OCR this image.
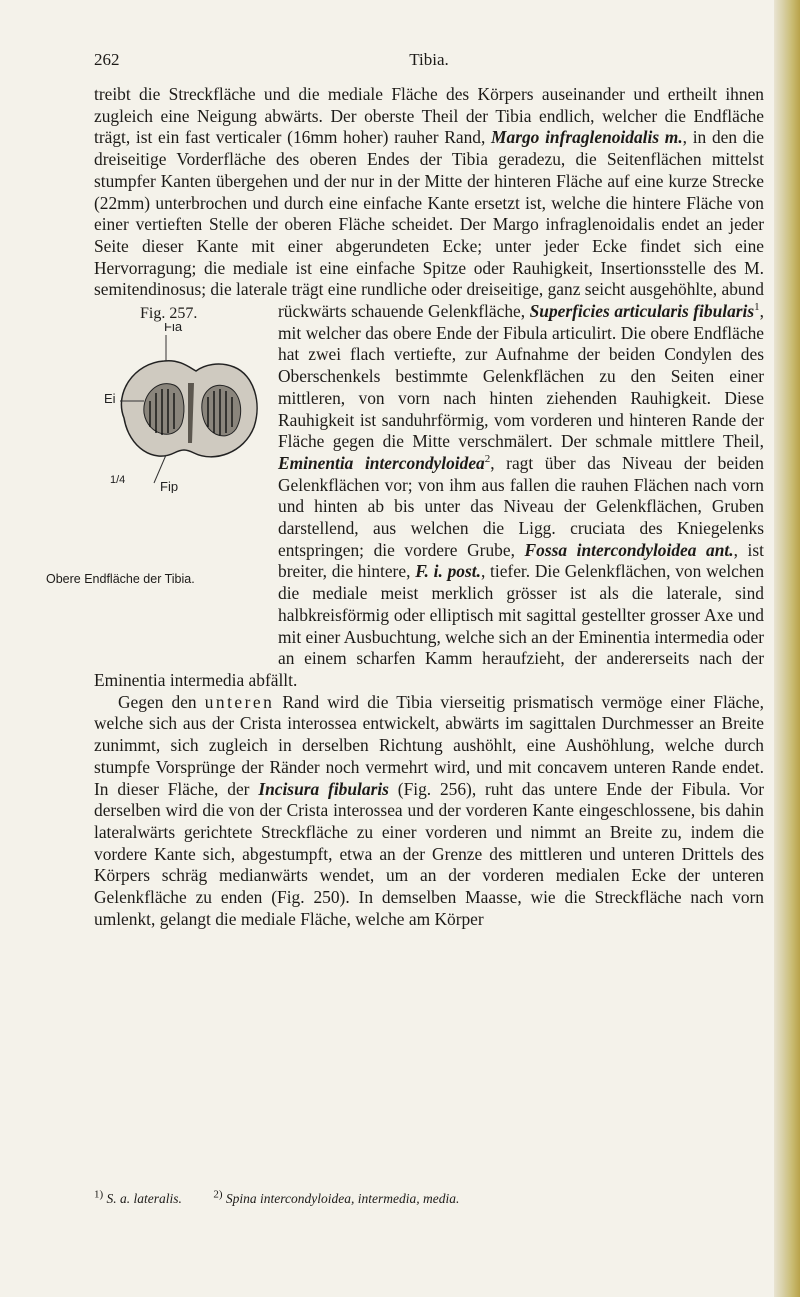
262	Tibia.

treibt die Streckfläche und die mediale Fläche des Körpers auseinander und ertheilt ihnen zugleich eine Neigung abwärts. Der oberste Theil der Tibia endlich, welcher die Endfläche trägt, ist ein fast verticaler (16mm hoher) rauher Rand, Margo infraglenoidalis m., in den die dreiseitige Vorderfläche des oberen Endes der Tibia geradezu, die Seitenflächen mittelst stumpfer Kanten übergehen und der nur in der Mitte der hinteren Fläche auf eine kurze Strecke (22mm) unterbrochen und durch eine einfache Kante ersetzt ist, welche die hintere Fläche von einer vertieften Stelle der oberen Fläche scheidet. Der Margo infraglenoidalis endet an jeder Seite dieser Kante mit einer abgerundeten Ecke; unter jeder Ecke findet sich eine Hervorragung; die mediale ist eine einfache Spitze oder Rauhigkeit, Insertionsstelle des M. semitendinosus; die laterale trägt eine rundliche oder dreiseitige, ganz seicht ausgehöhlte, abund rückwärts schauende Gelenkfläche,
Fig. 257.
Fia
Ei
Fip
1/4
Obere Endfläche der Tibia.
Superficies articularis fibularis$^1$, mit welcher das obere Ende der Fibula articulirt. Die obere Endfläche hat zwei flach vertiefte, zur Aufnahme der beiden Condylen des Oberschenkels bestimmte Gelenkflächen zu den Seiten einer mittleren, von vorn nach hinten ziehenden Rauhigkeit. Diese Rauhigkeit ist sanduhrförmig, vom vorderen und hinteren Rande der Fläche gegen die Mitte verschmälert. Der schmale mittlere Theil, Eminentia intercondyloidea$^2$, ragt über das Niveau der beiden Gelenkflächen vor; von ihm aus fallen die rauhen Flächen nach vorn und hinten ab bis unter das Niveau der Gelenkflächen, Gruben darstellend, aus welchen die Ligg. cruciata des Kniegelenks entspringen; die vordere Grube, Fossa intercondyloidea ant., ist breiter, die hintere, F. i. post., tiefer. Die Gelenkflächen, von welchen die mediale meist merklich grösser ist als die laterale, sind halbkreisförmig oder elliptisch mit sagittal gestellter grosser Axe und mit einer Ausbuchtung, welche sich an der Eminentia intermedia oder an einem scharfen Kamm heraufzieht, der andererseits nach der Eminentia intermedia abfällt.

Gegen den unteren Rand wird die Tibia vierseitig prismatisch vermöge einer Fläche, welche sich aus der Crista interossea entwickelt, abwärts im sagittalen Durchmesser an Breite zunimmt, sich zugleich in derselben Richtung aushöhlt, eine Aushöhlung, welche durch stumpfe Vorsprünge der Ränder noch vermehrt wird, und mit concavem unteren Rande endet. In dieser Fläche, der Incisura fibularis (Fig. 256), ruht das untere Ende der Fibula. Vor derselben wird die von der Crista interossea und der vorderen Kante eingeschlossene, bis dahin lateralwärts gerichtete Streckfläche zu einer vorderen und nimmt an Breite zu, indem die vordere Kante sich, abgestumpft, etwa an der Grenze des mittleren und unteren Drittels des Körpers schräg medianwärts wendet, um an der vorderen medialen Ecke der unteren Gelenkfläche zu enden (Fig. 250). In demselben Maasse, wie die Streckfläche nach vorn umlenkt, gelangt die mediale Fläche, welche am Körper

$^{1)}$ S. a. lateralis.	$^{2)}$ Spina intercondyloidea, intermedia, media.
